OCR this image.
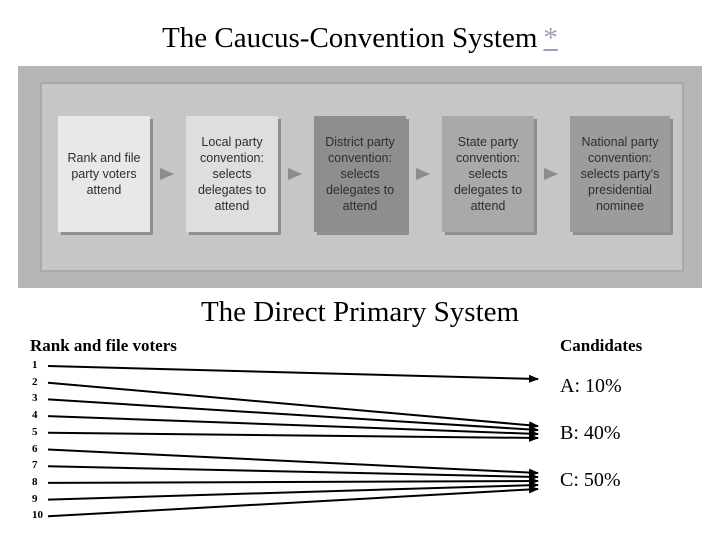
The Caucus-Convention System *
Rank and file party voters attend
Local party convention: selects delegates to attend
District party convention: selects delegates to attend
State party convention: selects delegates to attend
National party convention: selects party's presidential nominee
The Direct Primary System
Rank and file voters	Candidates
1
2
3
4
5
6
7
8
9
10
A: 10%
B: 40%
C: 50%
